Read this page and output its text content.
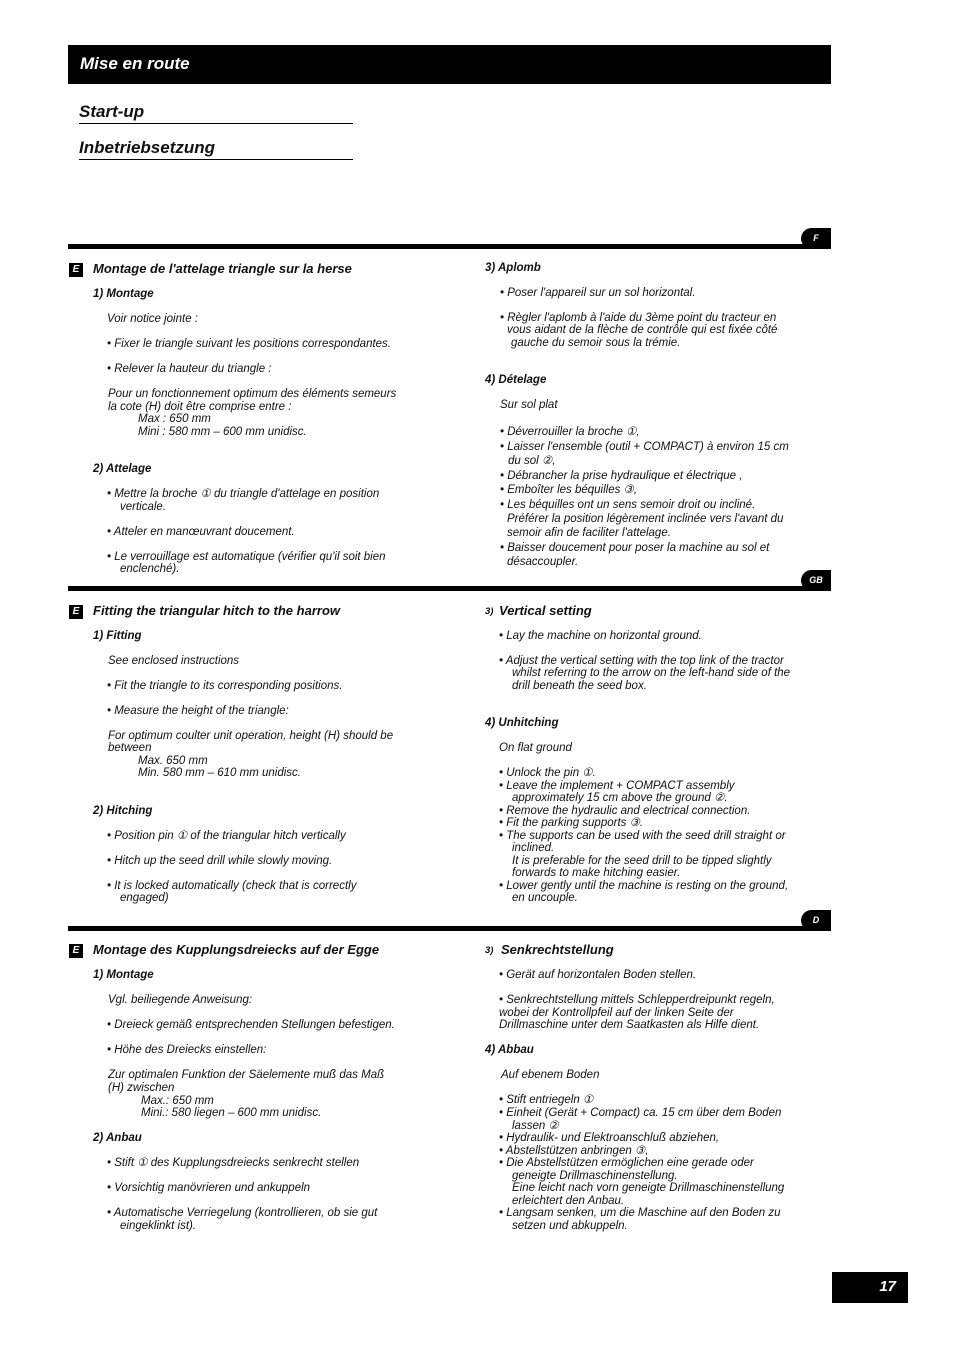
Mise en route
Start-up
Inbetriebsetzung
F
E Montage de l'attelage triangle sur la herse
1) Montage
Voir notice jointe :
• Fixer le triangle suivant les positions correspondantes.
• Relever la hauteur du triangle :
Pour un fonctionnement optimum des éléments semeurs
la cote (H) doit être comprise entre :
Max : 650 mm
Mini : 580 mm – 600 mm unidisc.
2) Attelage
• Mettre la broche ① du triangle d'attelage en position
verticale.
• Atteler en manœuvrant doucement.
• Le verrouillage est automatique (vérifier qu'il soit bien
enclenché).
3) Aplomb
• Poser l'appareil sur un sol horizontal.
• Règler l'aplomb à l'aide du 3ème point du tracteur en
vous aidant de la flèche de contrôle qui est fixée côté
gauche du semoir sous la trémie.
4) Dételage
Sur sol plat
• Déverrouiller la broche ①,
• Laisser l'ensemble (outil + COMPACT) à environ 15 cm
du sol ②,
• Débrancher la prise hydraulique et électrique ,
• Emboîter les béquilles ③,
• Les béquilles ont un sens semoir droit ou incliné.
Préférer la position légèrement inclinée vers l'avant du
semoir afin de faciliter l'attelage.
• Baisser doucement pour poser la machine au sol et
désaccoupler.
GB
E Fitting the triangular hitch to the harrow
1) Fitting
See enclosed instructions
• Fit the triangle to its corresponding positions.
• Measure the height of the triangle:
For optimum coulter unit operation, height (H) should be
between
Max. 650 mm
Min. 580 mm – 610 mm unidisc.
2) Hitching
• Position pin ① of the triangular hitch vertically
• Hitch up the seed drill while slowly moving.
• It is locked automatically (check that is correctly
engaged)
3) Vertical setting
• Lay the machine on horizontal ground.
• Adjust the vertical setting with the top link of the tractor
whilst referring to the arrow on the left-hand side of the
drill beneath the seed box.
4) Unhitching
On flat ground
• Unlock the pin ①.
• Leave the implement + COMPACT assembly
approximately 15 cm above the ground ②.
• Remove the hydraulic and electrical connection.
• Fit the parking supports ③.
• The supports can be used with the seed drill straight or
inclined.
It is preferable for the seed drill to be tipped slightly
forwards to make hitching easier.
• Lower gently until the machine is resting on the ground,
en uncouple.
D
E Montage des Kupplungsdreiecks auf der Egge
1) Montage
Vgl. beiliegende Anweisung:
• Dreieck gemäß entsprechenden Stellungen befestigen.
• Höhe des Dreiecks einstellen:
Zur optimalen Funktion der Säelemente muß das Maß
(H) zwischen
Max.: 650 mm
Mini.: 580 liegen – 600 mm unidisc.
2) Anbau
• Stift ① des Kupplungsdreiecks senkrecht stellen
• Vorsichtig manövrieren und ankuppeln
• Automatische Verriegelung (kontrollieren, ob sie gut
eingeklinkt ist).
3) Senkrechtstellung
• Gerät auf horizontalen Boden stellen.
• Senkrechtstellung mittels Schlepperdreipunkt regeln,
wobei der Kontrollpfeil auf der linken Seite der
Drillmaschine unter dem Saatkasten als Hilfe dient.
4) Abbau
Auf ebenem Boden
• Stift entriegeln ①
• Einheit (Gerät + Compact) ca. 15 cm über dem Boden
lassen ②
• Hydraulik- und Elektroanschluß abziehen,
• Abstellstützen anbringen ③,
• Die Abstellstützen ermöglichen eine gerade oder
geneigte Drillmaschinenstellung.
Eine leicht nach vorn geneigte Drillmaschinenstellung
erleichtert den Anbau.
• Langsam senken, um die Maschine auf den Boden zu
setzen und abkuppeln.
17
